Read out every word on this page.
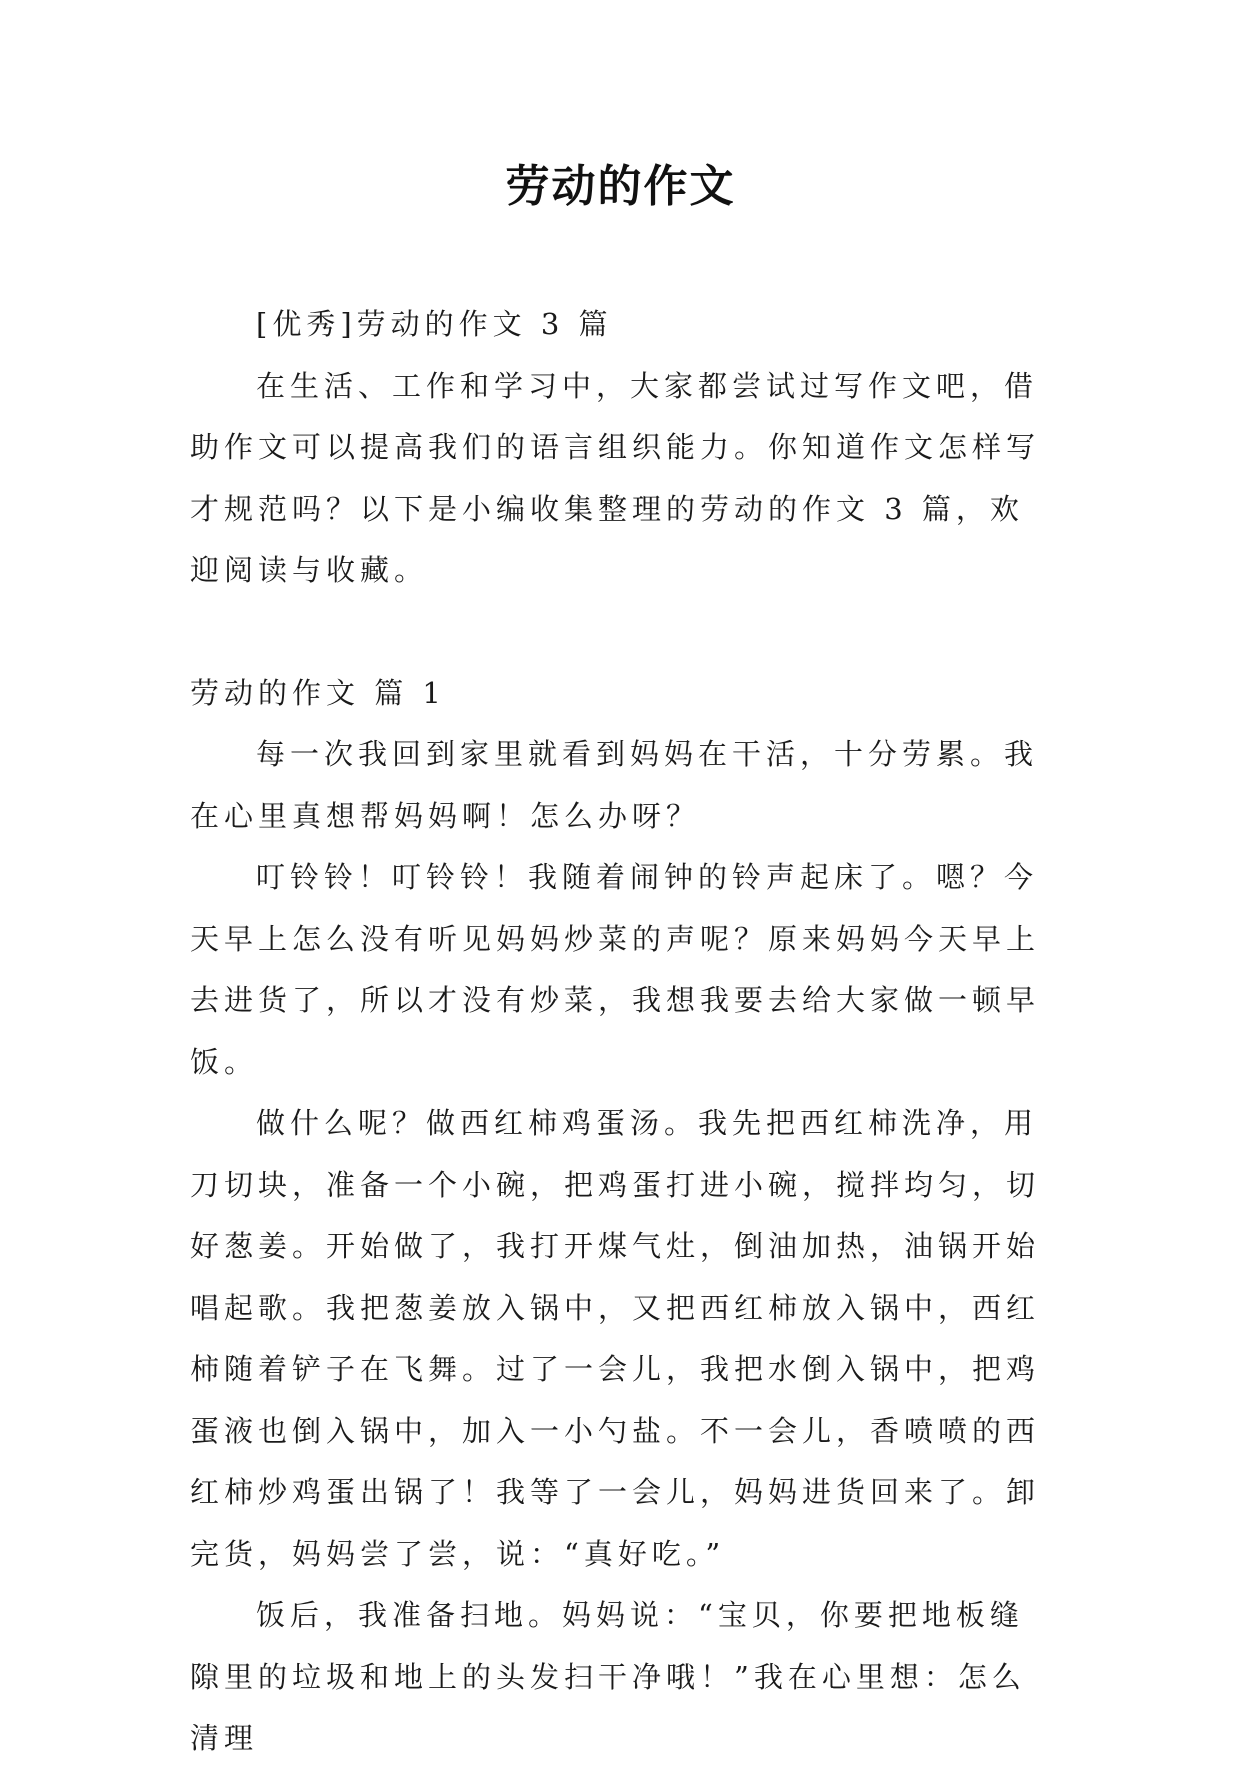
劳动的作文

[优秀]劳动的作文 3 篇

在生活、工作和学习中，大家都尝试过写作文吧，借助作文可以提高我们的语言组织能力。你知道作文怎样写才规范吗？以下是小编收集整理的劳动的作文 3 篇，欢迎阅读与收藏。

劳动的作文 篇 1

每一次我回到家里就看到妈妈在干活，十分劳累。我在心里真想帮妈妈啊！怎么办呀？

叮铃铃！叮铃铃！我随着闹钟的铃声起床了。嗯？今天早上怎么没有听见妈妈炒菜的声呢？原来妈妈今天早上去进货了，所以才没有炒菜，我想我要去给大家做一顿早饭。

做什么呢？做西红柿鸡蛋汤。我先把西红柿洗净，用刀切块，准备一个小碗，把鸡蛋打进小碗，搅拌均匀，切好葱姜。开始做了，我打开煤气灶，倒油加热，油锅开始唱起歌。我把葱姜放入锅中，又把西红柿放入锅中，西红柿随着铲子在飞舞。过了一会儿，我把水倒入锅中，把鸡蛋液也倒入锅中，加入一小勺盐。不一会儿，香喷喷的西红柿炒鸡蛋出锅了！我等了一会儿，妈妈进货回来了。卸完货，妈妈尝了尝，说：“真好吃。”

饭后，我准备扫地。妈妈说：“宝贝，你要把地板缝隙里的垃圾和地上的头发扫干净哦！”我在心里想：怎么清理
